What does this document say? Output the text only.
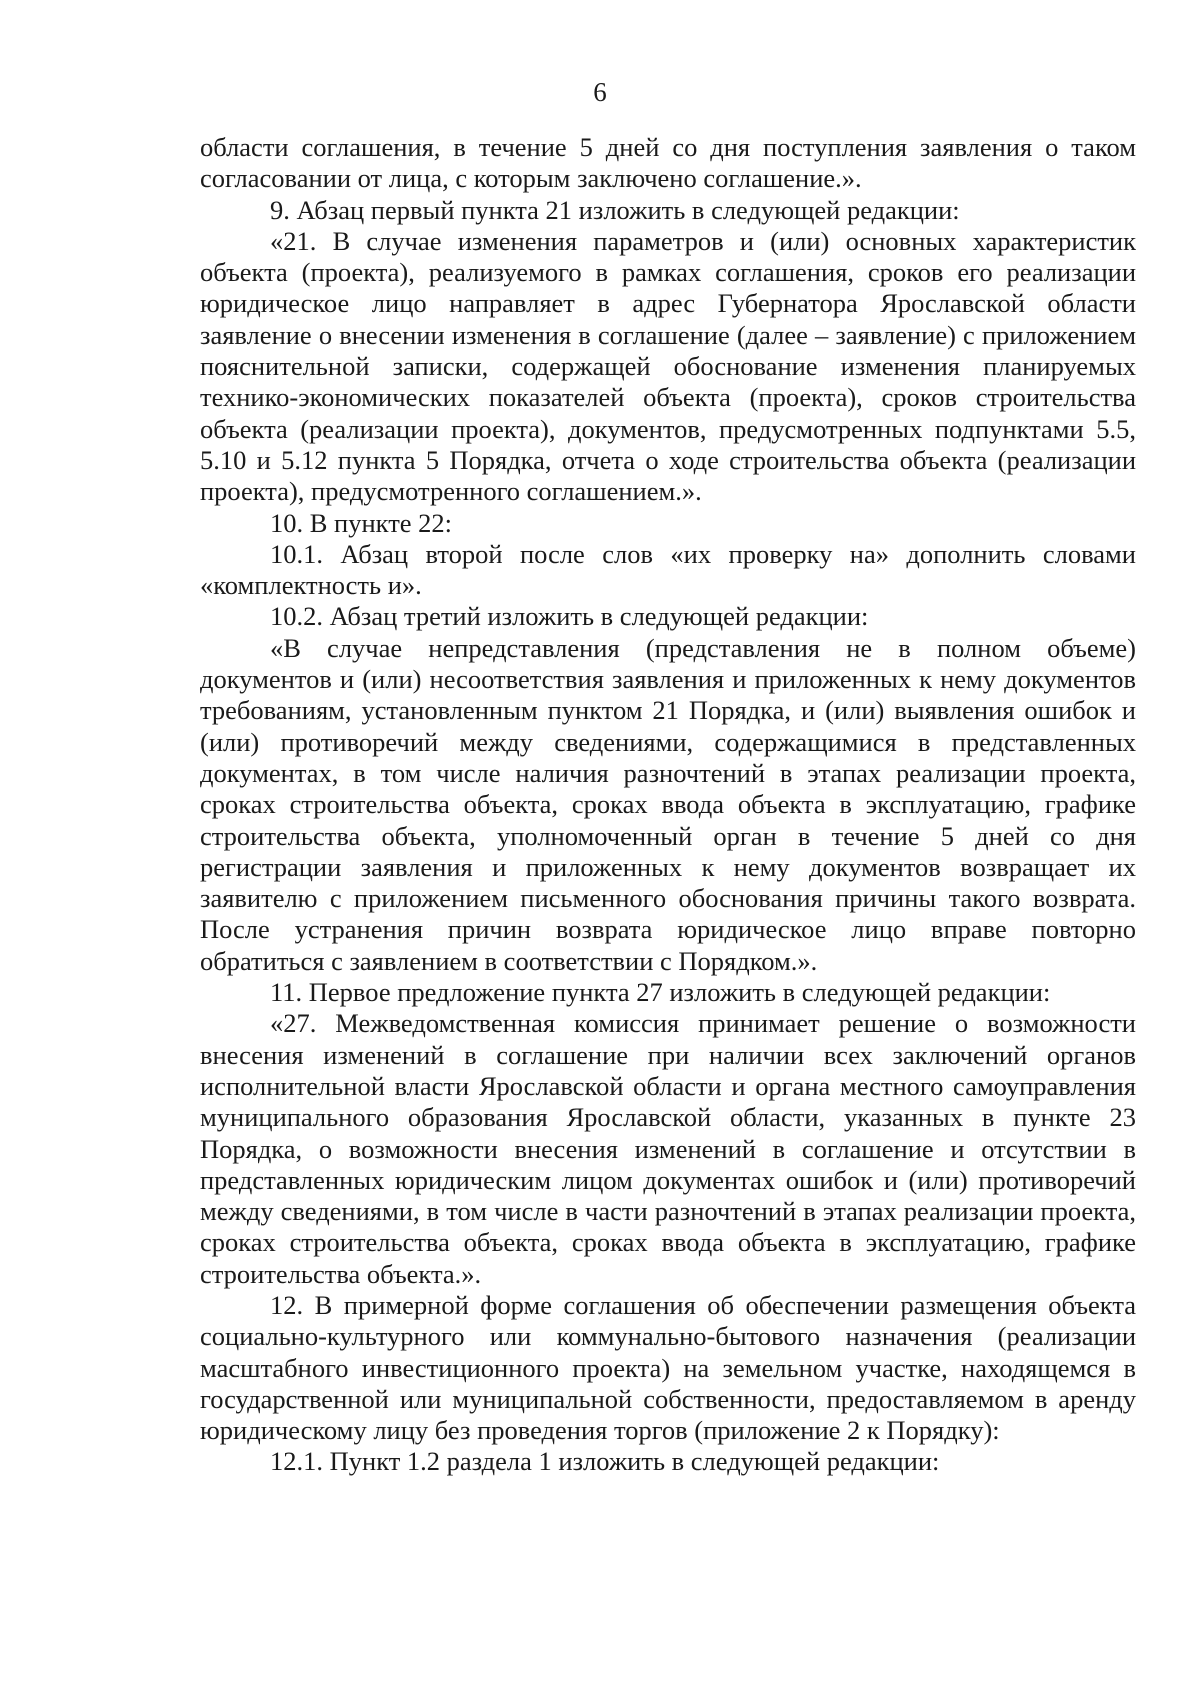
6

области соглашения, в течение 5 дней со дня поступления заявления о таком согласовании от лица, с которым заключено соглашение.».

9. Абзац первый пункта 21 изложить в следующей редакции:

«21. В случае изменения параметров и (или) основных характеристик объекта (проекта), реализуемого в рамках соглашения, сроков его реализации юридическое лицо направляет в адрес Губернатора Ярославской области заявление о внесении изменения в соглашение (далее – заявление) с приложением пояснительной записки, содержащей обоснование изменения планируемых технико-экономических показателей объекта (проекта), сроков строительства объекта (реализации проекта), документов, предусмотренных подпунктами 5.5, 5.10 и 5.12 пункта 5 Порядка, отчета о ходе строительства объекта (реализации проекта), предусмотренного соглашением.».

10. В пункте 22:

10.1. Абзац второй после слов «их проверку на» дополнить словами «комплектность и».

10.2. Абзац третий изложить в следующей редакции:

«В случае непредставления (представления не в полном объеме) документов и (или) несоответствия заявления и приложенных к нему документов требованиям, установленным пунктом 21 Порядка, и (или) выявления ошибок и (или) противоречий между сведениями, содержащимися в представленных документах, в том числе наличия разночтений в этапах реализации проекта, сроках строительства объекта, сроках ввода объекта в эксплуатацию, графике строительства объекта, уполномоченный орган в течение 5 дней со дня регистрации заявления и приложенных к нему документов возвращает их заявителю с приложением письменного обоснования причины такого возврата. После устранения причин возврата юридическое лицо вправе повторно обратиться с заявлением в соответствии с Порядком.».

11. Первое предложение пункта 27 изложить в следующей редакции:

«27. Межведомственная комиссия принимает решение о возможности внесения изменений в соглашение при наличии всех заключений органов исполнительной власти Ярославской области и органа местного самоуправления муниципального образования Ярославской области, указанных в пункте 23 Порядка, о возможности внесения изменений в соглашение и отсутствии в представленных юридическим лицом документах ошибок и (или) противоречий между сведениями, в том числе в части разночтений в этапах реализации проекта, сроках строительства объекта, сроках ввода объекта в эксплуатацию, графике строительства объекта.».

12. В примерной форме соглашения об обеспечении размещения объекта социально-культурного или коммунально-бытового назначения (реализации масштабного инвестиционного проекта) на земельном участке, находящемся в государственной или муниципальной собственности, предоставляемом в аренду юридическому лицу без проведения торгов (приложение 2 к Порядку):

12.1. Пункт 1.2 раздела 1 изложить в следующей редакции:
